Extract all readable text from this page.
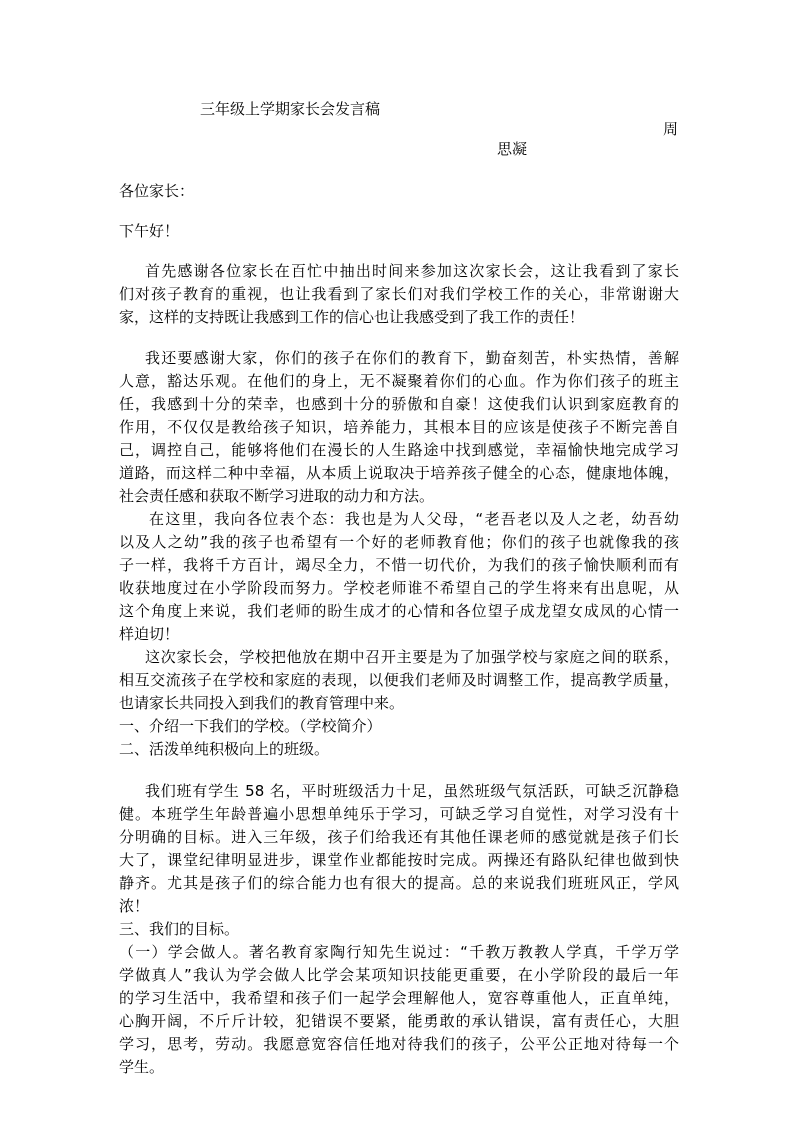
三年级上学期家长会发言稿
周
思凝
各位家长：
下午好！
首先感谢各位家长在百忙中抽出时间来参加这次家长会，这让我看到了家长
们对孩子教育的重视，也让我看到了家长们对我们学校工作的关心，非常谢谢大
家，这样的支持既让我感到工作的信心也让我感受到了我工作的责任！
我还要感谢大家，你们的孩子在你们的教育下，勤奋刻苦，朴实热情，善解
人意，豁达乐观。在他们的身上，无不凝聚着你们的心血。作为你们孩子的班主
任，我感到十分的荣幸，也感到十分的骄傲和自豪！这使我们认识到家庭教育的
作用，不仅仅是教给孩子知识，培养能力，其根本目的应该是使孩子不断完善自
己，调控自己，能够将他们在漫长的人生路途中找到感觉，幸福愉快地完成学习
道路，而这样二种中幸福，从本质上说取决于培养孩子健全的心态，健康地体魄，
社会责任感和获取不断学习进取的动力和方法。
在这里，我向各位表个态：我也是为人父母，“老吾老以及人之老，幼吾幼
以及人之幼”我的孩子也希望有一个好的老师教育他；你们的孩子也就像我的孩
子一样，我将千方百计，竭尽全力，不惜一切代价，为我们的孩子愉快顺利而有
收获地度过在小学阶段而努力。学校老师谁不希望自己的学生将来有出息呢，从
这个角度上来说，我们老师的盼生成才的心情和各位望子成龙望女成凤的心情一
样迫切！
这次家长会，学校把他放在期中召开主要是为了加强学校与家庭之间的联系，
相互交流孩子在学校和家庭的表现，以便我们老师及时调整工作，提高教学质量，
也请家长共同投入到我们的教育管理中来。
一、介绍一下我们的学校。（学校简介）
二、活泼单纯积极向上的班级。
我们班有学生 58 名，平时班级活力十足，虽然班级气氛活跃，可缺乏沉静稳
健。本班学生年龄普遍小思想单纯乐于学习，可缺乏学习自觉性，对学习没有十
分明确的目标。进入三年级，孩子们给我还有其他任课老师的感觉就是孩子们长
大了，课堂纪律明显进步，课堂作业都能按时完成。两操还有路队纪律也做到快
静齐。尤其是孩子们的综合能力也有很大的提高。总的来说我们班班风正，学风
浓！
三、我们的目标。
（一）学会做人。著名教育家陶行知先生说过：“千教万教教人学真，千学万学
学做真人”我认为学会做人比学会某项知识技能更重要，在小学阶段的最后一年
的学习生活中，我希望和孩子们一起学会理解他人，宽容尊重他人，正直单纯，
心胸开阔，不斤斤计较，犯错误不要紧，能勇敢的承认错误，富有责任心，大胆
学习，思考，劳动。我愿意宽容信任地对待我们的孩子，公平公正地对待每一个
学生。
